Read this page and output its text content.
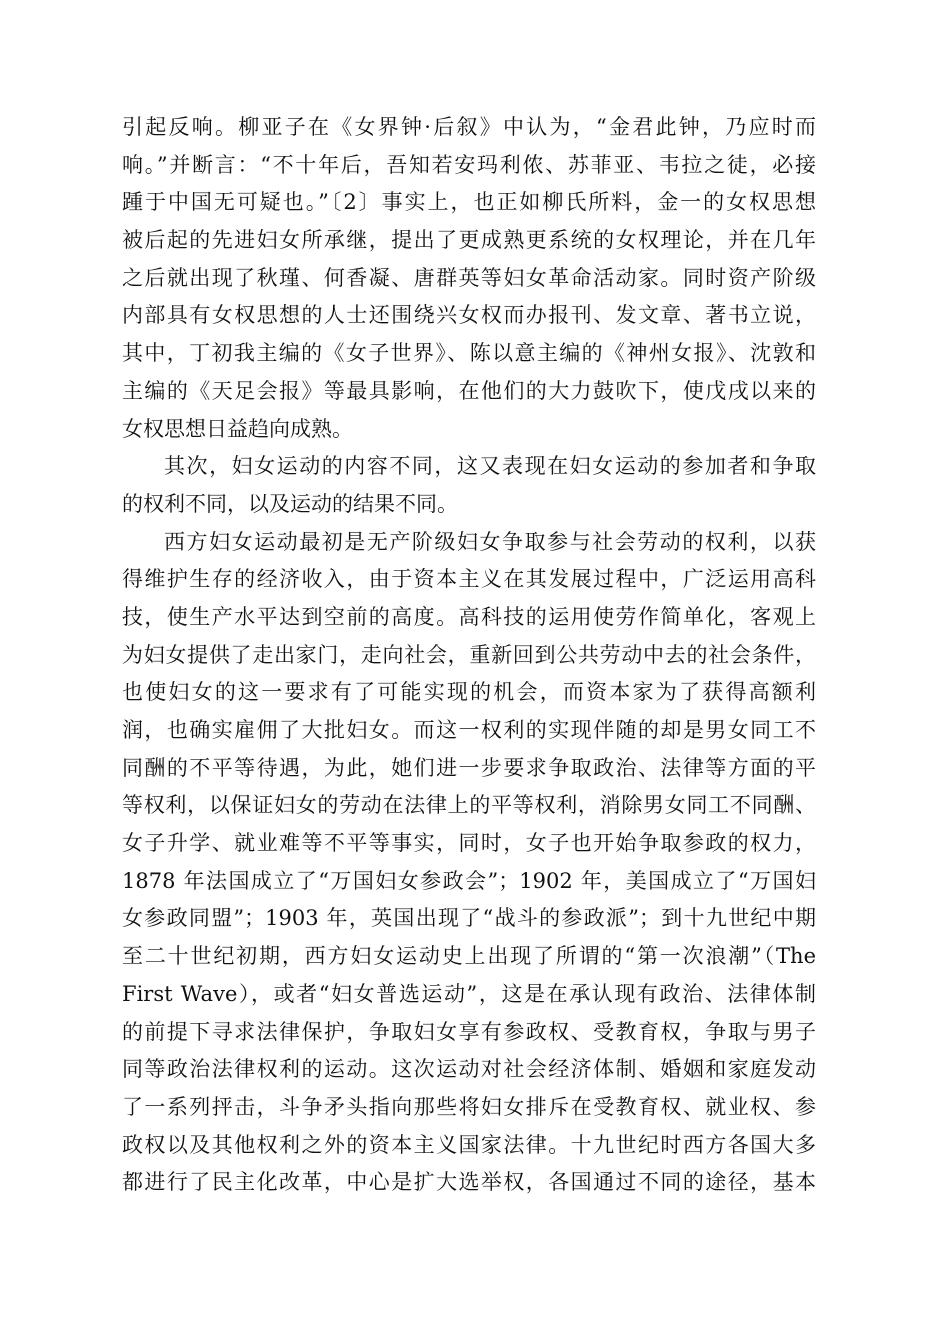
引起反响。柳亚子在《女界钟·后叙》中认为，“金君此钟，乃应时而
响。”并断言：“不十年后，吾知若安玛利侬、苏菲亚、韦拉之徒，必接
踵于中国无可疑也。”〔2〕事实上，也正如柳氏所料，金一的女权思想
被后起的先进妇女所承继，提出了更成熟更系统的女权理论，并在几年
之后就出现了秋瑾、何香凝、唐群英等妇女革命活动家。同时资产阶级
内部具有女权思想的人士还围绕兴女权而办报刊、发文章、著书立说，
其中，丁初我主编的《女子世界》、陈以意主编的《神州女报》、沈敦和
主编的《天足会报》等最具影响，在他们的大力鼓吹下，使戊戌以来的
女权思想日益趋向成熟。
其次，妇女运动的内容不同，这又表现在妇女运动的参加者和争取
的权利不同，以及运动的结果不同。
西方妇女运动最初是无产阶级妇女争取参与社会劳动的权利，以获
得维护生存的经济收入，由于资本主义在其发展过程中，广泛运用高科
技，使生产水平达到空前的高度。高科技的运用使劳作简单化，客观上
为妇女提供了走出家门，走向社会，重新回到公共劳动中去的社会条件，
也使妇女的这一要求有了可能实现的机会，而资本家为了获得高额利
润，也确实雇佣了大批妇女。而这一权利的实现伴随的却是男女同工不
同酬的不平等待遇，为此，她们进一步要求争取政治、法律等方面的平
等权利，以保证妇女的劳动在法律上的平等权利，消除男女同工不同酬、
女子升学、就业难等不平等事实，同时，女子也开始争取参政的权力，
1878 年法国成立了“万国妇女参政会”；1902 年，美国成立了“万国妇
女参政同盟”；1903 年，英国出现了“战斗的参政派”；到十九世纪中期
至二十世纪初期，西方妇女运动史上出现了所谓的“第一次浪潮”（The
First Wave），或者“妇女普选运动”，这是在承认现有政治、法律体制
的前提下寻求法律保护，争取妇女享有参政权、受教育权，争取与男子
同等政治法律权利的运动。这次运动对社会经济体制、婚姻和家庭发动
了一系列抨击，斗争矛头指向那些将妇女排斥在受教育权、就业权、参
政权以及其他权利之外的资本主义国家法律。十九世纪时西方各国大多
都进行了民主化改革，中心是扩大选举权，各国通过不同的途径，基本
